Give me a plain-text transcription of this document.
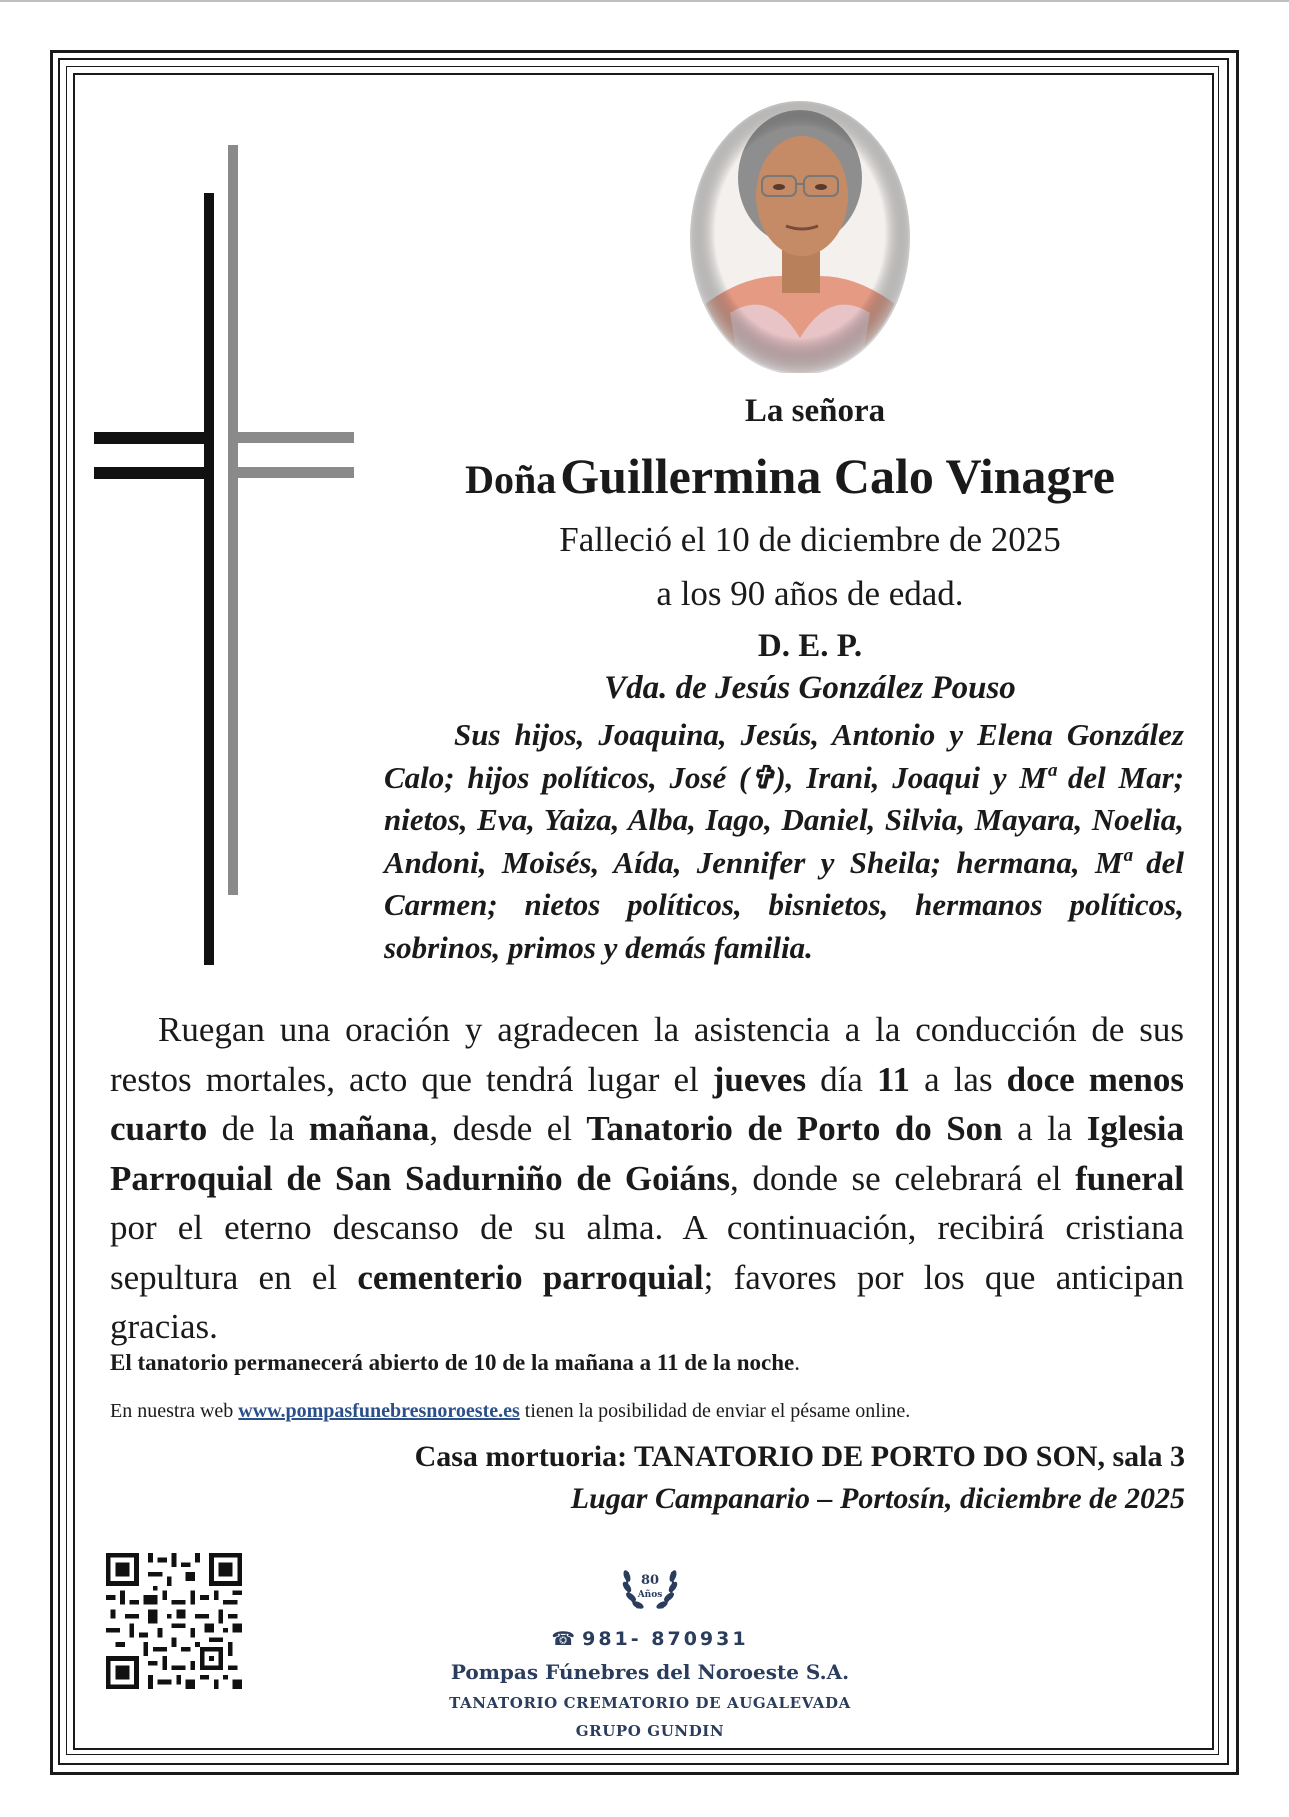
La señora
Doña Guillermina Calo Vinagre
Falleció el 10 de diciembre de 2025
a los 90 años de edad.
D. E. P.
Vda. de Jesús González Pouso

Sus hijos, Joaquina, Jesús, Antonio y Elena González Calo; hijos políticos, José (✞), Irani, Joaqui y Mª del Mar; nietos, Eva, Yaiza, Alba, Iago, Daniel, Silvia, Mayara, Noelia, Andoni, Moisés, Aída, Jennifer y Sheila; hermana, Mª del Carmen; nietos políticos, bisnietos, hermanos políticos, sobrinos, primos y demás familia.

Ruegan una oración y agradecen la asistencia a la conducción de sus restos mortales, acto que tendrá lugar el jueves día 11 a las doce menos cuarto de la mañana, desde el Tanatorio de Porto do Son a la Iglesia Parroquial de San Sadurniño de Goiáns, donde se celebrará el funeral por el eterno descanso de su alma. A continuación, recibirá cristiana sepultura en el cementerio parroquial; favores por los que anticipan gracias.

El tanatorio permanecerá abierto de 10 de la mañana a 11 de la noche.
En nuestra web www.pompasfunebresnoroeste.es tienen la posibilidad de enviar el pésame online.
Casa mortuoria: TANATORIO DE PORTO DO SON, sala 3
Lugar Campanario – Portosín, diciembre de 2025
80
Años
☎ 981- 870931
Pompas Fúnebres del Noroeste S.A.
TANATORIO CREMATORIO DE AUGALEVADA
GRUPO GUNDIN
